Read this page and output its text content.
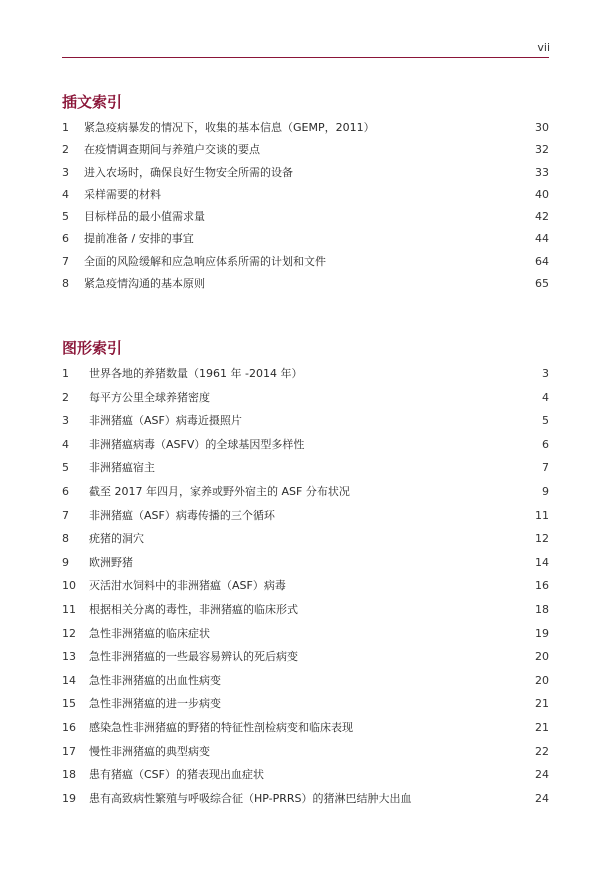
vii
插文索引
1	紧急疫病暴发的情况下，收集的基本信息（GEMP，2011）	30
2	在疫情调查期间与养殖户交谈的要点	32
3	进入农场时，确保良好生物安全所需的设备	33
4	采样需要的材料	40
5	目标样品的最小值需求量	42
6	提前准备 / 安排的事宜	44
7	全面的风险缓解和应急响应体系所需的计划和文件	64
8	紧急疫情沟通的基本原则	65
图形索引
1	世界各地的养猪数量（1961 年 -2014 年）	3
2	每平方公里全球养猪密度	4
3	非洲猪瘟（ASF）病毒近摄照片	5
4	非洲猪瘟病毒（ASFV）的全球基因型多样性	6
5	非洲猪瘟宿主	7
6	截至 2017 年四月，家养或野外宿主的 ASF 分布状况	9
7	非洲猪瘟（ASF）病毒传播的三个循环	11
8	疣猪的洞穴	12
9	欧洲野猪	14
10	灭活泔水饲料中的非洲猪瘟（ASF）病毒	16
11	根据相关分离的毒性，非洲猪瘟的临床形式	18
12	急性非洲猪瘟的临床症状	19
13	急性非洲猪瘟的一些最容易辨认的死后病变	20
14	急性非洲猪瘟的出血性病变	20
15	急性非洲猪瘟的进一步病变	21
16	感染急性非洲猪瘟的野猪的特征性剖检病变和临床表现	21
17	慢性非洲猪瘟的典型病变	22
18	患有猪瘟（CSF）的猪表现出血症状	24
19	患有高致病性繁殖与呼吸综合征（HP-PRRS）的猪淋巴结肿大出血	24
